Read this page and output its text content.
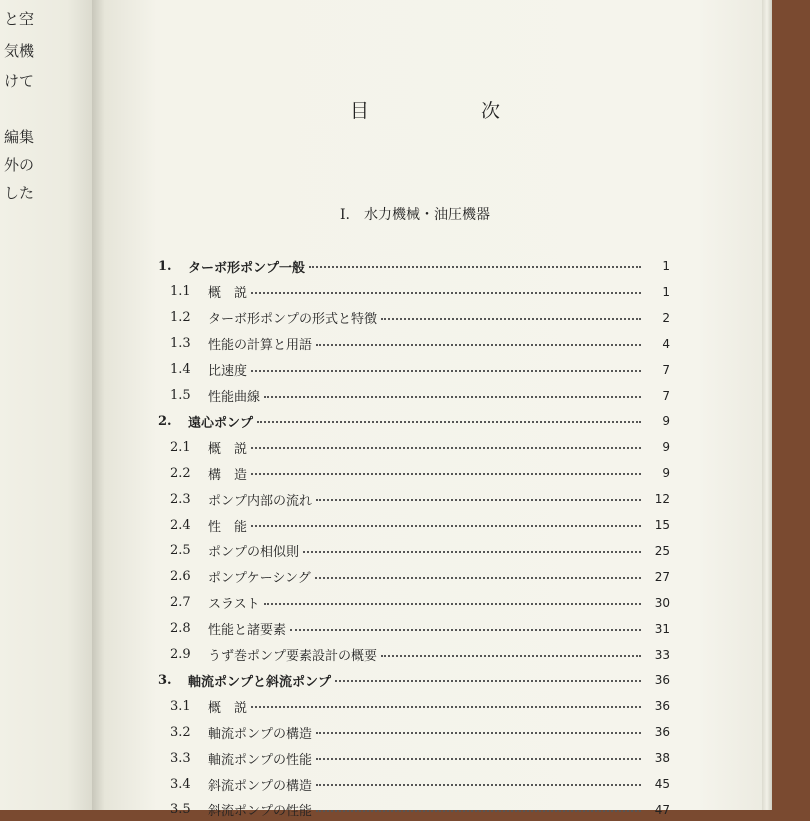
と空
気機
けて
編集
外の
した
目	次
I.　水力機械・油圧機器
1.	ターボ形ポンプ一般	1
1.1	概　説	1
1.2	ターボ形ポンプの形式と特徴	2
1.3	性能の計算と用語	4
1.4	比速度	7
1.5	性能曲線	7
2.	遠心ポンプ	9
2.1	概　説	9
2.2	構　造	9
2.3	ポンプ内部の流れ	12
2.4	性　能	15
2.5	ポンプの相似則	25
2.6	ポンプケーシング	27
2.7	スラスト	30
2.8	性能と諸要素	31
2.9	うず巻ポンプ要素設計の概要	33
3.	軸流ポンプと斜流ポンプ	36
3.1	概　説	36
3.2	軸流ポンプの構造	36
3.3	軸流ポンプの性能	38
3.4	斜流ポンプの構造	45
3.5	斜流ポンプの性能	47
